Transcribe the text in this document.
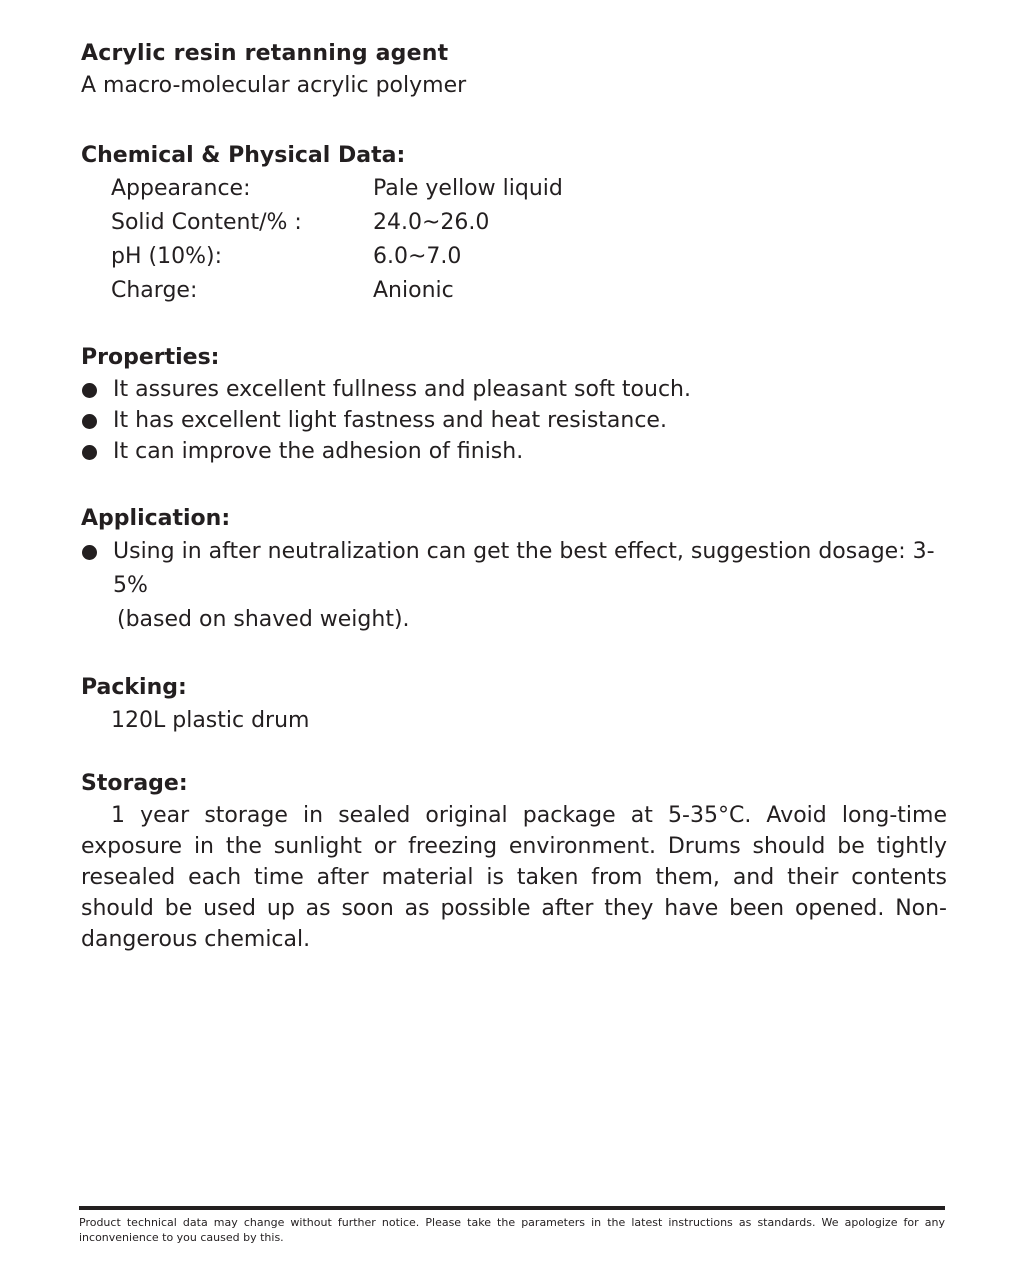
Acrylic resin retanning agent

A macro-molecular acrylic polymer

Chemical & Physical Data:
Appearance:	Pale yellow liquid
Solid Content/% :	24.0~26.0
pH (10%):	6.0~7.0
Charge:	Anionic
Properties:
It assures excellent fullness and pleasant soft touch.
It has excellent light fastness and heat resistance.
It can improve the adhesion of finish.
Application:
Using in after neutralization can get the best effect, suggestion dosage: 3-5%
(based on shaved weight).
Packing:
120L plastic drum
Storage:

1 year storage in sealed original package at 5-35°C. Avoid long-time exposure in the sunlight or freezing environment. Drums should be tightly resealed each time after material is taken from them, and their contents should be used up as soon as possible after they have been opened. Non-dangerous chemical.

Product technical data may change without further notice. Please take the parameters in the latest instructions as standards. We apologize for any inconvenience to you caused by this.
